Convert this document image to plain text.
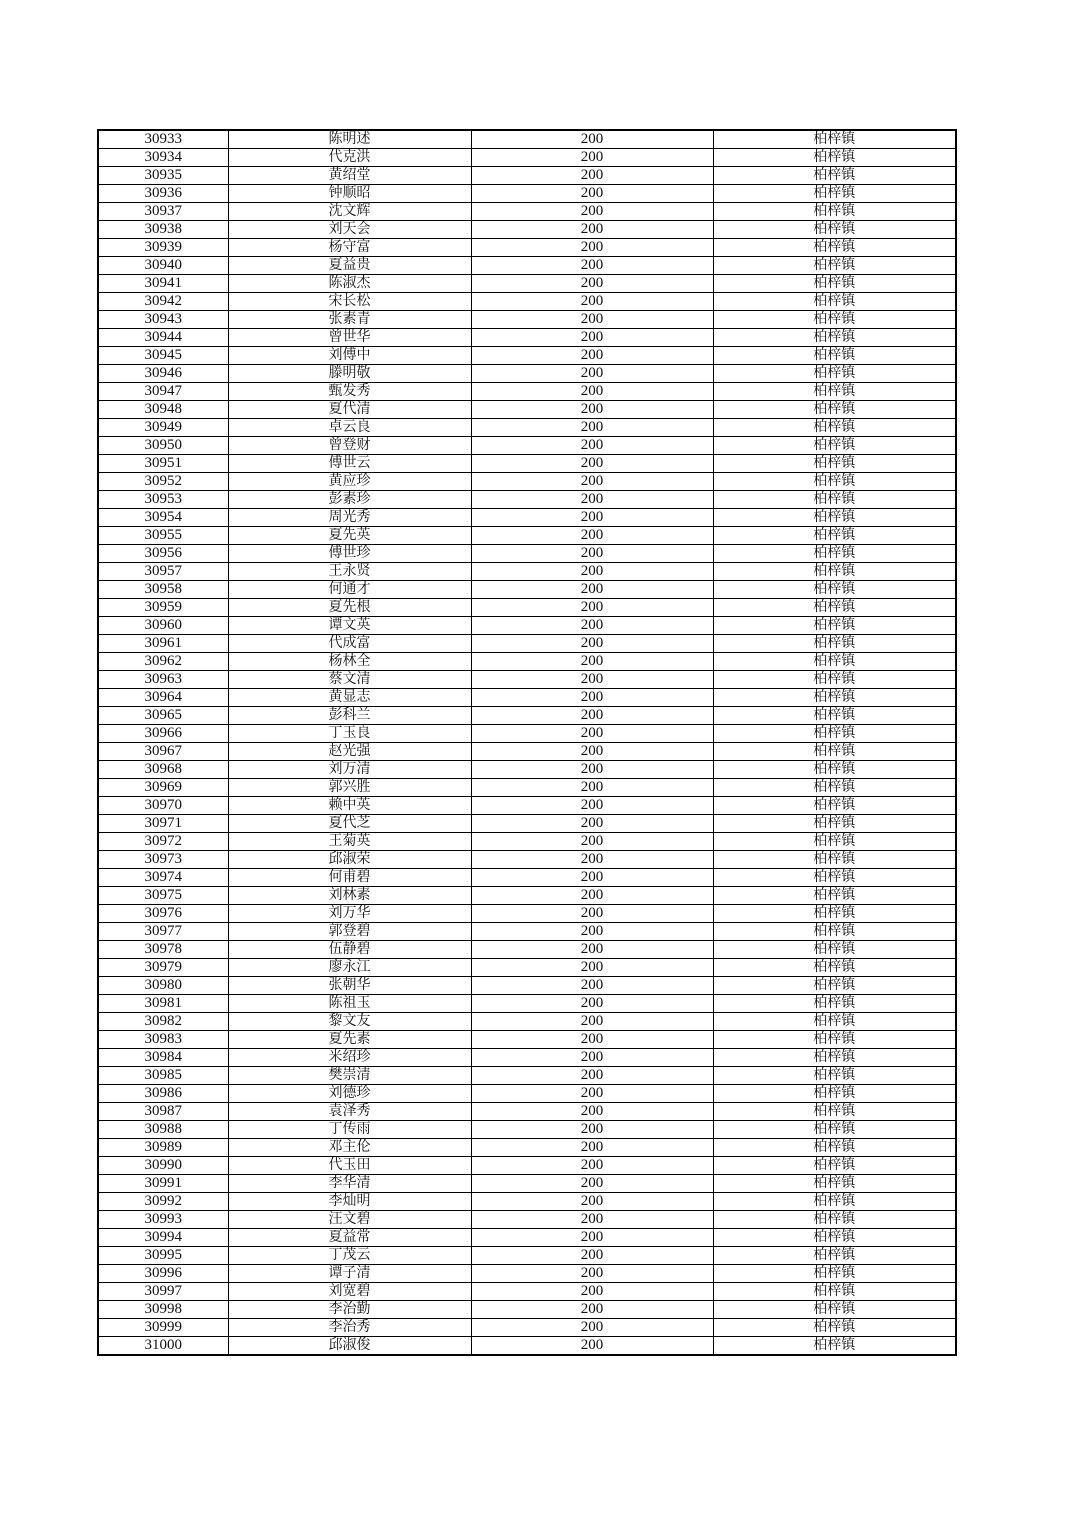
30933	陈明述	200	柏梓镇
30934	代克洪	200	柏梓镇
30935	黄绍堂	200	柏梓镇
30936	钟顺昭	200	柏梓镇
30937	沈文辉	200	柏梓镇
30938	刘天会	200	柏梓镇
30939	杨守富	200	柏梓镇
30940	夏益贵	200	柏梓镇
30941	陈淑杰	200	柏梓镇
30942	宋长松	200	柏梓镇
30943	张素青	200	柏梓镇
30944	曾世华	200	柏梓镇
30945	刘傅中	200	柏梓镇
30946	滕明敬	200	柏梓镇
30947	甄发秀	200	柏梓镇
30948	夏代清	200	柏梓镇
30949	卓云良	200	柏梓镇
30950	曾登财	200	柏梓镇
30951	傅世云	200	柏梓镇
30952	黄应珍	200	柏梓镇
30953	彭素珍	200	柏梓镇
30954	周光秀	200	柏梓镇
30955	夏先英	200	柏梓镇
30956	傅世珍	200	柏梓镇
30957	王永贤	200	柏梓镇
30958	何通才	200	柏梓镇
30959	夏先根	200	柏梓镇
30960	谭文英	200	柏梓镇
30961	代成富	200	柏梓镇
30962	杨林全	200	柏梓镇
30963	蔡文清	200	柏梓镇
30964	黄显志	200	柏梓镇
30965	彭科兰	200	柏梓镇
30966	丁玉良	200	柏梓镇
30967	赵光强	200	柏梓镇
30968	刘万清	200	柏梓镇
30969	郭兴胜	200	柏梓镇
30970	赖中英	200	柏梓镇
30971	夏代芝	200	柏梓镇
30972	王菊英	200	柏梓镇
30973	邱淑荣	200	柏梓镇
30974	何甫碧	200	柏梓镇
30975	刘林素	200	柏梓镇
30976	刘万华	200	柏梓镇
30977	郭登碧	200	柏梓镇
30978	伍静碧	200	柏梓镇
30979	廖永江	200	柏梓镇
30980	张朝华	200	柏梓镇
30981	陈祖玉	200	柏梓镇
30982	黎文友	200	柏梓镇
30983	夏先素	200	柏梓镇
30984	米绍珍	200	柏梓镇
30985	樊崇清	200	柏梓镇
30986	刘德珍	200	柏梓镇
30987	袁泽秀	200	柏梓镇
30988	丁传雨	200	柏梓镇
30989	邓主伦	200	柏梓镇
30990	代玉田	200	柏梓镇
30991	李华清	200	柏梓镇
30992	李灿明	200	柏梓镇
30993	汪文碧	200	柏梓镇
30994	夏益常	200	柏梓镇
30995	丁茂云	200	柏梓镇
30996	谭子清	200	柏梓镇
30997	刘宽碧	200	柏梓镇
30998	李治勤	200	柏梓镇
30999	李治秀	200	柏梓镇
31000	邱淑俊	200	柏梓镇
